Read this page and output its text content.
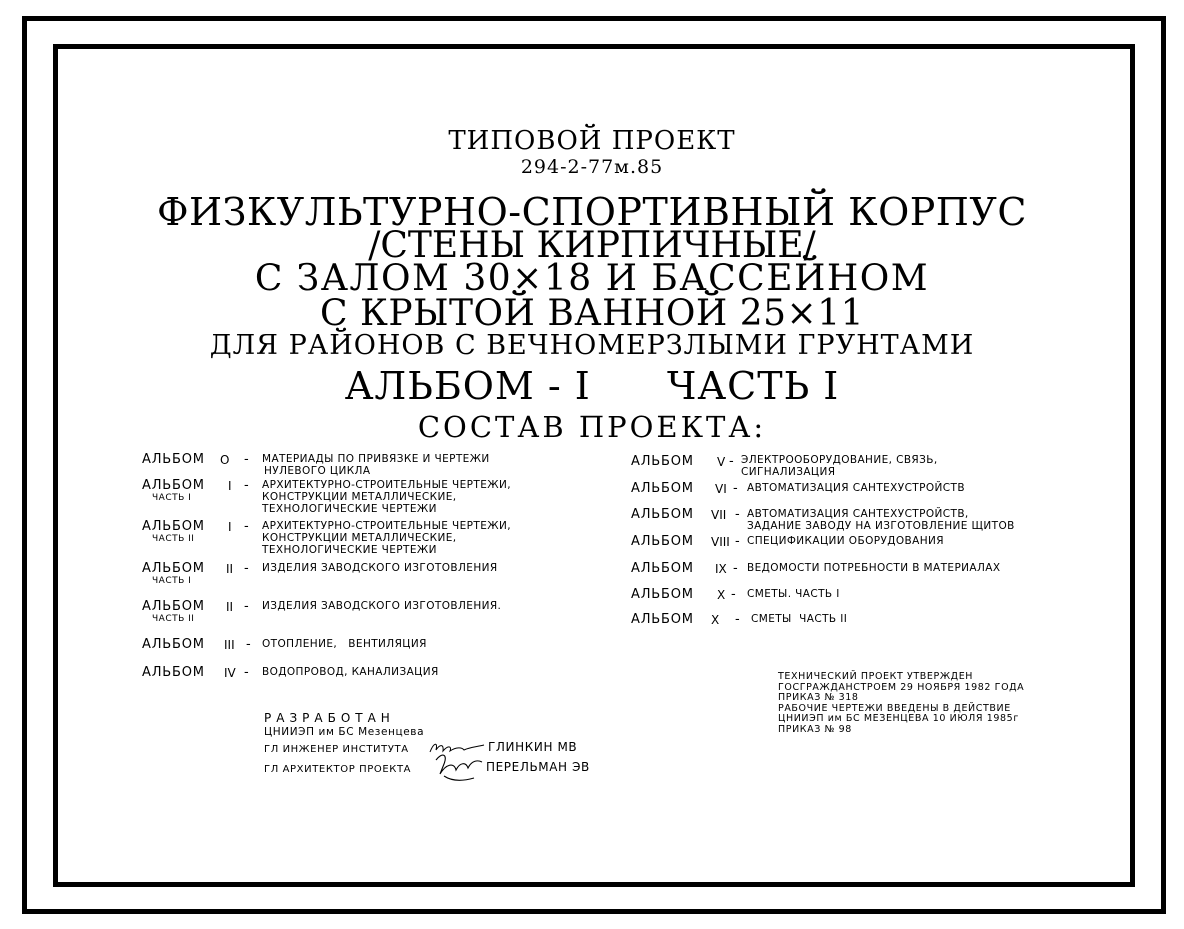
ТИПОВОЙ ПРОЕКТ
294-2-77м.85
ФИЗКУЛЬТУРНО-СПОРТИВНЫЙ КОРПУС
/СТЕНЫ КИРПИЧНЫЕ/
С ЗАЛОМ 30×18 И БАССЕЙНОМ
С КРЫТОЙ ВАННОЙ 25×11
ДЛЯ РАЙОНОВ С ВЕЧНОМЕРЗЛЫМИ ГРУНТАМИ
АЛЬБОМ - I ЧАСТЬ I
СОСТАВ ПРОЕКТА:
АЛЬБОМ О - МАТЕРИАДЫ ПО ПРИВЯЗКЕ И ЧЕРТЕЖИ
НУЛЕВОГО ЦИКЛА
АЛЬБОМ
ЧАСТЬ I
I - АРХИТЕКТУРНО-СТРОИТЕЛЬНЫЕ ЧЕРТЕЖИ,
КОНСТРУКЦИИ МЕТАЛЛИЧЕСКИЕ,
ТЕХНОЛОГИЧЕСКИЕ ЧЕРТЕЖИ
АЛЬБОМ
ЧАСТЬ II
I - АРХИТЕКТУРНО-СТРОИТЕЛЬНЫЕ ЧЕРТЕЖИ,
КОНСТРУКЦИИ МЕТАЛЛИЧЕСКИЕ,
ТЕХНОЛОГИЧЕСКИЕ ЧЕРТЕЖИ
АЛЬБОМ
ЧАСТЬ I
II - ИЗДЕЛИЯ ЗАВОДСКОГО ИЗГОТОВЛЕНИЯ
АЛЬБОМ
ЧАСТЬ II
II - ИЗДЕЛИЯ ЗАВОДСКОГО ИЗГОТОВЛЕНИЯ.
АЛЬБОМ III - ОТОПЛЕНИЕ,   ВЕНТИЛЯЦИЯ
АЛЬБОМ IV - ВОДОПРОВОД, КАНАЛИЗАЦИЯ
АЛЬБОМ V - ЭЛЕКТРООБОРУДОВАНИЕ, СВЯЗЬ,
СИГНАЛИЗАЦИЯ
АЛЬБОМ VI - АВТОМАТИЗАЦИЯ САНТЕХУСТРОЙСТВ
АЛЬБОМ VII - АВТОМАТИЗАЦИЯ САНТЕХУСТРОЙСТВ,
ЗАДАНИЕ ЗАВОДУ НА ИЗГОТОВЛЕНИЕ ЩИТОВ
АЛЬБОМ VIII - СПЕЦИФИКАЦИИ ОБОРУДОВАНИЯ
АЛЬБОМ IX - ВЕДОМОСТИ ПОТРЕБНОСТИ В МАТЕРИАЛАХ
АЛЬБОМ X - СМЕТЫ. ЧАСТЬ I
АЛЬБОМ X - СМЕТЫ  ЧАСТЬ II
ТЕХНИЧЕСКИЙ ПРОЕКТ УТВЕРЖДЕН
ГОСГРАЖДАНСТРОЕМ 29 НОЯБРЯ 1982 ГОДА
ПРИКАЗ № 318
РАБОЧИЕ ЧЕРТЕЖИ ВВЕДЕНЫ В ДЕЙСТВИЕ
ЦНИИЭП им БС МЕЗЕНЦЕВА 10 ИЮЛЯ 1985г
ПРИКАЗ № 98
РАЗРАБОТАН
ЦНИИЭП им БС Мезенцева
ГЛ ИНЖЕНЕР ИНСТИТУТА	ГЛИНКИН МВ
ГЛ АРХИТЕКТОР ПРОЕКТА	ПЕРЕЛЬМАН ЭВ
